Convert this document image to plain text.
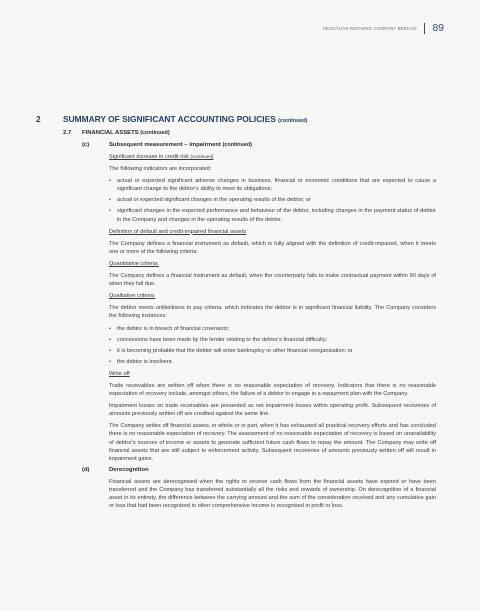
HENGYUAN REFINING COMPANY BERHAD 89
2	SUMMARY OF SIGNIFICANT ACCOUNTING POLICIES (continued)
2.7	FINANCIAL ASSETS (continued)
(c)	Subsequent measurement – impairment (continued)

Significant increase in credit risk (continued)

The following indicators are incorporated:

•	actual or expected significant adverse changes in business, financial or economic conditions that are expected to cause a significant change to the debtor’s ability to meet its obligations;
•	actual or expected significant changes in the operating results of the debtor; or
•	significant changes in the expected performance and behaviour of the debtor, including changes in the payment status of debtor in the Company and changes in the operating results of the debtor.

Definition of default and credit-impaired financial assets

The Company defines a financial instrument as default, which is fully aligned with the definition of credit-impaired, when it meets one or more of the following criteria:

Quantitative criteria:

The Company defines a financial instrument as default, when the counterparty fails to make contractual payment within 90 days of when they fall due.

Qualitative criteria:

The debtor meets unlikeliness to pay criteria, which indicates the debtor is in significant financial liability. The Company considers the following instances:

•	the debtor is in breach of financial covenants;
•	concessions have been made by the lender relating to the debtor’s financial difficulty;
•	it is becoming probable that the debtor will enter bankruptcy or other financial reorganisation; or
•	the debtor is insolvent.

Write off

Trade receivables are written off when there is no reasonable expectation of recovery. Indicators that there is no reasonable expectation of recovery include, amongst others, the failure of a debtor to engage in a repayment plan with the Company.

Impairment losses on trade receivables are presented as net impairment losses within operating profit. Subsequent recoveries of amounts previously written off are credited against the same line.

The Company writes off financial assets, in whole or in part, when it has exhausted all practical recovery efforts and has concluded there is no reasonable expectation of recovery. The assessment of no reasonable expectation of recovery is based on unavailability of debtor’s sources of income or assets to generate sufficient future cash flows to repay the amount. The Company may write off financial assets that are still subject to enforcement activity. Subsequent recoveries of amounts previously written off will result in impairment gains.

(d)	Derecognition

Financial assets are derecognised when the rights to receive cash flows from the financial assets have expired or have been transferred and the Company has transferred substantially all the risks and rewards of ownership. On derecognition of a financial asset in its entirety, the difference between the carrying amount and the sum of the consideration received and any cumulative gain or loss that had been recognised in other comprehensive income is recognised in profit or loss.
